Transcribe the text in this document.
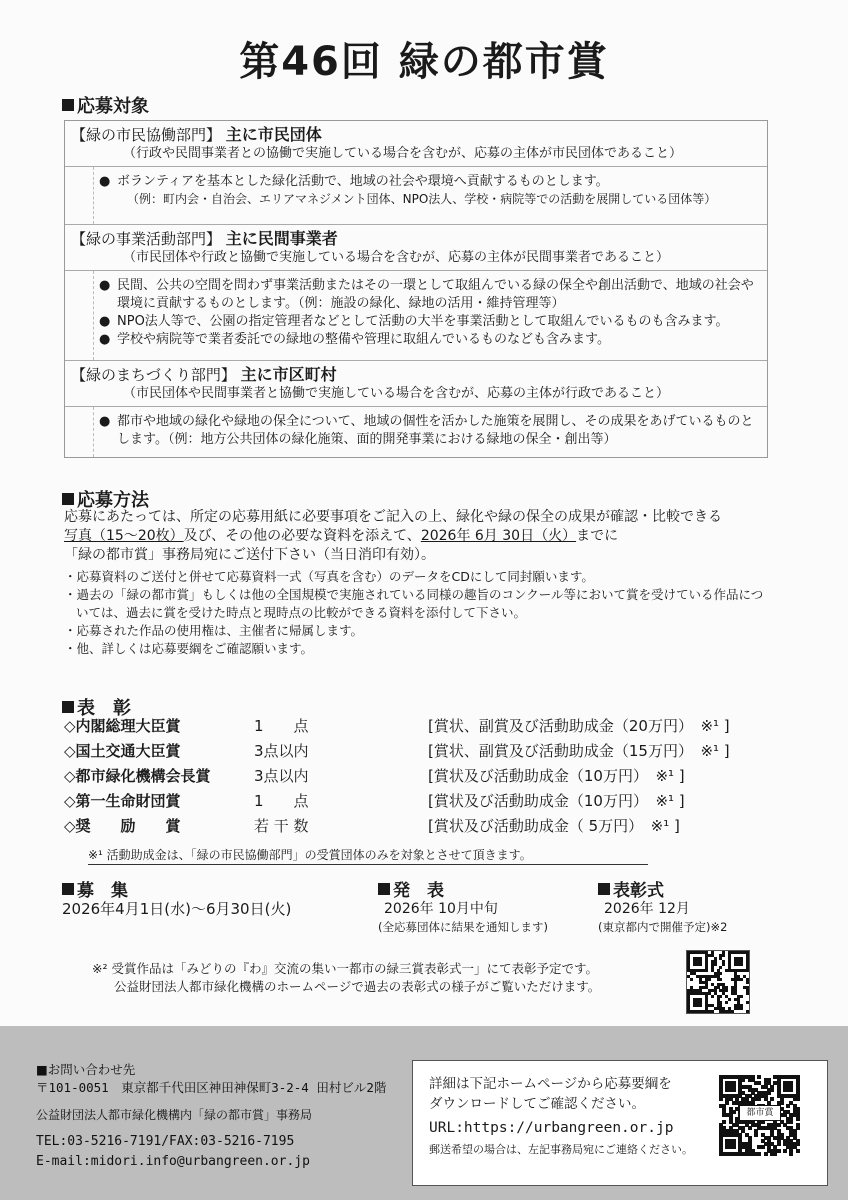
第46回 緑の都市賞
応募対象
【緑の市民協働部門】 主に市民団体
（行政や民間事業者との協働で実施している場合を含むが、応募の主体が市民団体であること）
● ボランティアを基本とした緑化活動で、地域の社会や環境へ貢献するものとします。
（例：町内会・自治会、エリアマネジメント団体、NPO法人、学校・病院等での活動を展開している団体等）
【緑の事業活動部門】 主に民間事業者
（市民団体や行政と協働で実施している場合を含むが、応募の主体が民間事業者であること）
● 民間、公共の空間を問わず事業活動またはその一環として取組んでいる緑の保全や創出活動で、地域の社会や環境に貢献するものとします。（例：施設の緑化、緑地の活用・維持管理等）
● NPO法人等で、公園の指定管理者などとして活動の大半を事業活動として取組んでいるものも含みます。
● 学校や病院等で業者委託での緑地の整備や管理に取組んでいるものなども含みます。
【緑のまちづくり部門】 主に市区町村
（市民団体や民間事業者と協働で実施している場合を含むが、応募の主体が行政であること）
● 都市や地域の緑化や緑地の保全について、地域の個性を活かした施策を展開し、その成果をあげているものとします。（例：地方公共団体の緑化施策、面的開発事業における緑地の保全・創出等）
応募方法
応募にあたっては、所定の応募用紙に必要事項をご記入の上、緑化や緑の保全の成果が確認・比較できる
写真（15～20枚）及び、その他の必要な資料を添えて、2026年 6月 30日（火）までに
「緑の都市賞」事務局宛にご送付下さい（当日消印有効）。
・応募資料のご送付と併せて応募資料一式（写真を含む）のデータをCDにして同封願います。
・過去の「緑の都市賞」もしくは他の全国規模で実施されている同様の趣旨のコンクール等において賞を受けている作品については、過去に賞を受けた時点と現時点の比較ができる資料を添付して下さい。
・応募された作品の使用権は、主催者に帰属します。
・他、詳しくは応募要綱をご確認願います。
表　彰
◇内閣総理大臣賞	1　　点	[賞状、副賞及び活動助成金（20万円）　※¹ ]
◇国土交通大臣賞	3点以内	[賞状、副賞及び活動助成金（15万円）　※¹ ]
◇都市緑化機構会長賞	3点以内	[賞状及び活動助成金（10万円）　※¹ ]
◇第一生命財団賞	1　　点	[賞状及び活動助成金（10万円）　※¹ ]
◇奨　　励　　賞	若 干 数	[賞状及び活動助成金（ 5万円）　※¹ ]
※¹ 活動助成金は、「緑の市民協働部門」の受賞団体のみを対象とさせて頂きます。
募　集
2026年4月1日(水)～6月30日(火)
発　表
2026年 10月中旬
(全応募団体に結果を通知します)
表彰式
2026年 12月
(東京都内で開催予定)※2
※² 受賞作品は「みどりの『わ』交流の集い一都市の緑三賞表彰式一」にて表彰予定です。
公益財団法人都市緑化機構のホームページで過去の表彰式の様子がご覧いただけます。
■お問い合わせ先
〒101-0051　東京都千代田区神田神保町3-2-4 田村ビル2階
公益財団法人都市緑化機構内「緑の都市賞」事務局
TEL:03-5216-7191/FAX:03-5216-7195
E-mail:midori.info@urbangreen.or.jp
詳細は下記ホームページから応募要綱を
ダウンロードしてご確認ください。
URL:https://urbangreen.or.jp
郵送希望の場合は、左記事務局宛にご連絡ください。
都市賞
